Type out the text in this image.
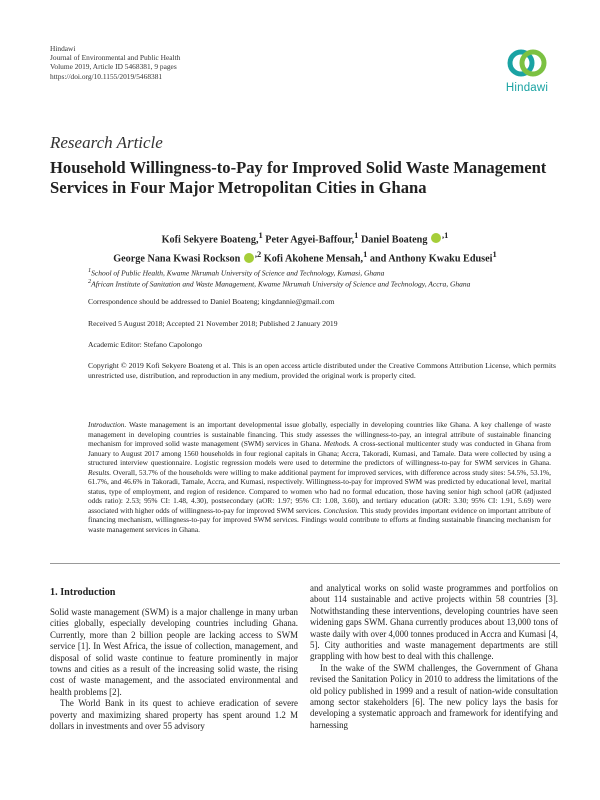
Hindawi
Journal of Environmental and Public Health
Volume 2019, Article ID 5468381, 9 pages
https://doi.org/10.1155/2019/5468381
Hindawi
Research Article
Household Willingness-to-Pay for Improved Solid Waste Management Services in Four Major Metropolitan Cities in Ghana
Kofi Sekyere Boateng,$^1$ Peter Agyei-Baffour,$^1$ Daniel Boateng $^{,1}$
George Nana Kwasi Rockson $^{,2}$ Kofi Akohene Mensah,$^1$ and Anthony Kwaku Edusei$^1$
$^1$School of Public Health, Kwame Nkrumah University of Science and Technology, Kumasi, Ghana
$^2$African Institute of Sanitation and Waste Management, Kwame Nkrumah University of Science and Technology, Accra, Ghana
Correspondence should be addressed to Daniel Boateng; kingdannie@gmail.com
Received 5 August 2018; Accepted 21 November 2018; Published 2 January 2019
Academic Editor: Stefano Capolongo
Copyright © 2019 Kofi Sekyere Boateng et al. This is an open access article distributed under the Creative Commons Attribution License, which permits unrestricted use, distribution, and reproduction in any medium, provided the original work is properly cited.
Introduction. Waste management is an important developmental issue globally, especially in developing countries like Ghana. A key challenge of waste management in developing countries is sustainable financing. This study assesses the willingness-to-pay, an integral attribute of sustainable financing mechanism for improved solid waste management (SWM) services in Ghana. Methods. A cross-sectional multicenter study was conducted in Ghana from January to August 2017 among 1560 households in four regional capitals in Ghana; Accra, Takoradi, Kumasi, and Tamale. Data were collected by using a structured interview questionnaire. Logistic regression models were used to determine the predictors of willingness-to-pay for SWM services in Ghana. Results. Overall, 53.7% of the households were willing to make additional payment for improved services, with difference across study sites: 54.5%, 53.1%, 61.7%, and 46.6% in Takoradi, Tamale, Accra, and Kumasi, respectively. Willingness-to-pay for improved SWM was predicted by educational level, marital status, type of employment, and region of residence. Compared to women who had no formal education, those having senior high school (aOR (adjusted odds ratio): 2.53; 95% CI: 1.48, 4.30), postsecondary (aOR: 1.97; 95% CI: 1.08, 3.60), and tertiary education (aOR: 3.30; 95% CI: 1.91, 5.69) were associated with higher odds of willingness-to-pay for improved SWM services. Conclusion. This study provides important evidence on important attribute of financing mechanism, willingness-to-pay for improved SWM services. Findings would contribute to efforts at finding sustainable financing mechanism for waste management services in Ghana.
1. Introduction

Solid waste management (SWM) is a major challenge in many urban cities globally, especially developing countries including Ghana. Currently, more than 2 billion people are lacking access to SWM service [1]. In West Africa, the issue of collection, management, and disposal of solid waste continue to feature prominently in major towns and cities as a result of the increasing solid waste, the rising cost of waste management, and the associated environmental and health problems [2].

The World Bank in its quest to achieve eradication of severe poverty and maximizing shared property has spent around 1.2 M dollars in investments and over 55 advisory

and analytical works on solid waste programmes and portfolios on about 114 sustainable and active projects within 58 countries [3]. Notwithstanding these interventions, developing countries have seen widening gaps SWM. Ghana currently produces about 13,000 tons of waste daily with over 4,000 tonnes produced in Accra and Kumasi [4, 5]. City authorities and waste management departments are still grappling with how best to deal with this challenge.

In the wake of the SWM challenges, the Government of Ghana revised the Sanitation Policy in 2010 to address the limitations of the old policy published in 1999 and a result of nation-wide consultation among sector stakeholders [6]. The new policy lays the basis for developing a systematic approach and framework for identifying and harnessing
